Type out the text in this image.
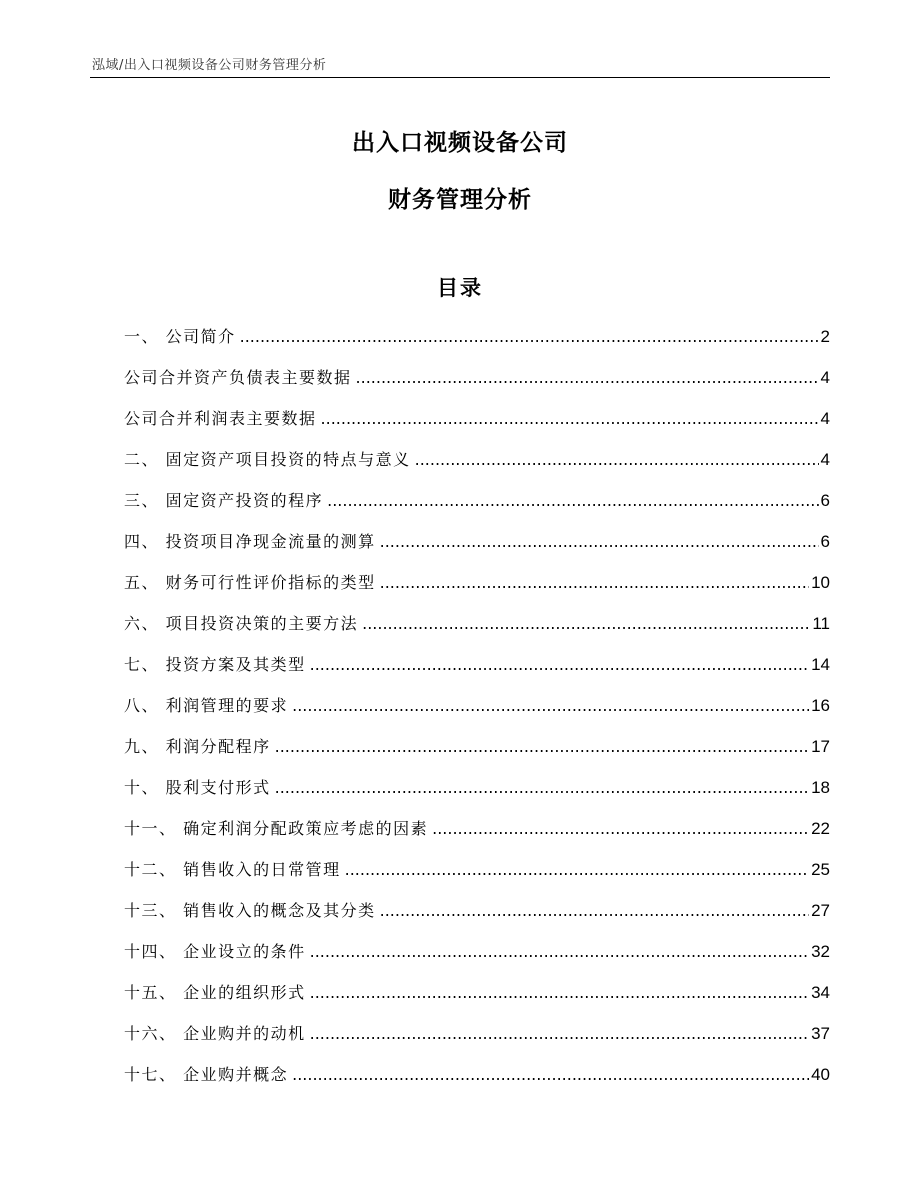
泓域/出入口视频设备公司财务管理分析
出入口视频设备公司
财务管理分析
目录
一、 公司简介 .....	2
公司合并资产负债表主要数据 .....	4
公司合并利润表主要数据 .....	4
二、 固定资产项目投资的特点与意义 .....	4
三、 固定资产投资的程序 .....	6
四、 投资项目净现金流量的测算 .....	6
五、 财务可行性评价指标的类型 .....	10
六、 项目投资决策的主要方法 .....	11
七、 投资方案及其类型 .....	14
八、 利润管理的要求 .....	16
九、 利润分配程序 .....	17
十、 股利支付形式 .....	18
十一、 确定利润分配政策应考虑的因素 .....	22
十二、 销售收入的日常管理 .....	25
十三、 销售收入的概念及其分类 .....	27
十四、 企业设立的条件 .....	32
十五、 企业的组织形式 .....	34
十六、 企业购并的动机 .....	37
十七、 企业购并概念 .....	40
